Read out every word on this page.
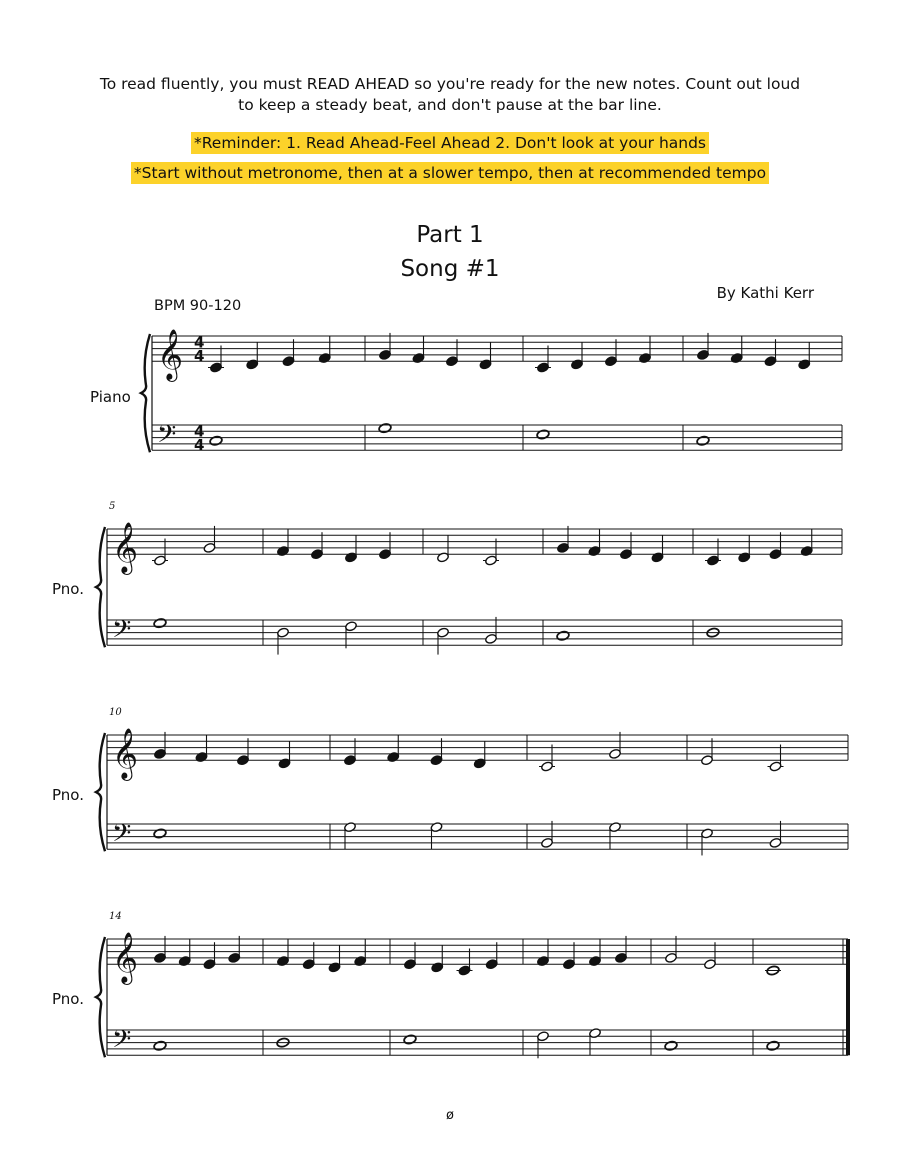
To read fluently, you must READ AHEAD so you're ready for the new notes. Count out loud
to keep a steady beat, and don't pause at the bar line.
*Reminder: 1. Read Ahead-Feel Ahead 2. Don't look at your hands
*Start without metronome, then at a slower tempo, then at recommended tempo
Part 1
Song #1
By Kathi Kerr
BPM 90-120
Piano
Pno.
Pno.
Pno.
𝄞
𝄢
4
4
4
4
𝄞
𝄢
5
𝄞
𝄢
10
𝄞
𝄢
14
ø
